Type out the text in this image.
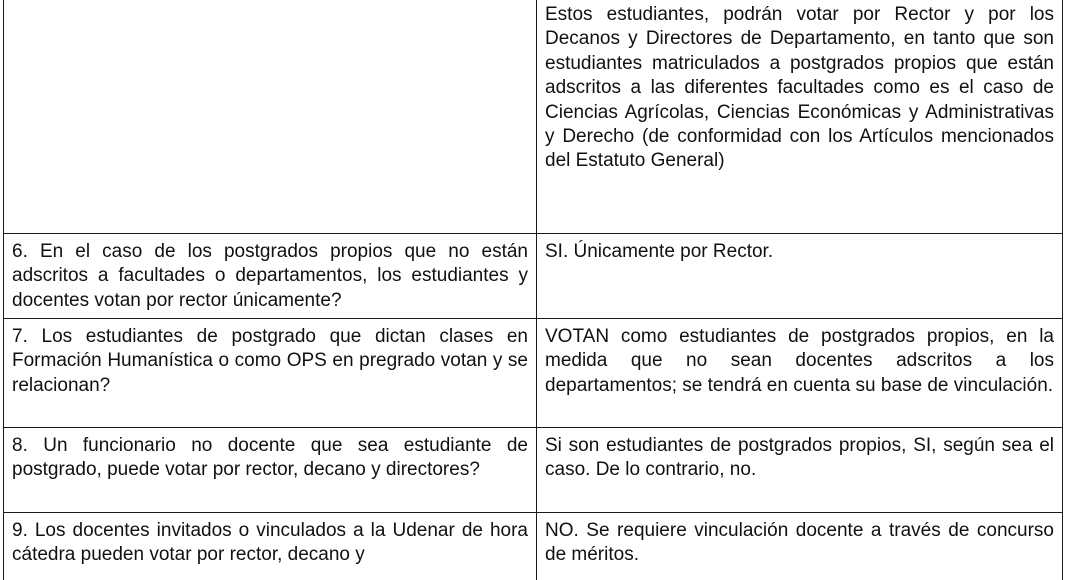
	Estos estudiantes, podrán votar por Rector y por los Decanos y Directores de Departamento, en tanto que son estudiantes matriculados a postgrados propios que están adscritos a las diferentes facultades como es el caso de Ciencias Agrícolas, Ciencias Económicas y Administrativas y Derecho (de conformidad con los Artículos mencionados del Estatuto General)
6. En el caso de los postgrados propios que no están adscritos a facultades o departamentos, los estudiantes y docentes votan por rector únicamente?	SI. Únicamente por Rector.
7. Los estudiantes de postgrado que dictan clases en Formación Humanística o como OPS en pregrado votan y se relacionan?	VOTAN como estudiantes de postgrados propios, en la medida que no sean docentes adscritos a los departamentos; se tendrá en cuenta su base de vinculación.
8. Un funcionario no docente que sea estudiante de postgrado, puede votar por rector, decano y directores?	Si son estudiantes de postgrados propios, SI, según sea el caso. De lo contrario, no.
9. Los docentes invitados o vinculados a la Udenar de hora cátedra pueden votar por rector, decano y	NO. Se requiere vinculación docente a través de concurso de méritos.
